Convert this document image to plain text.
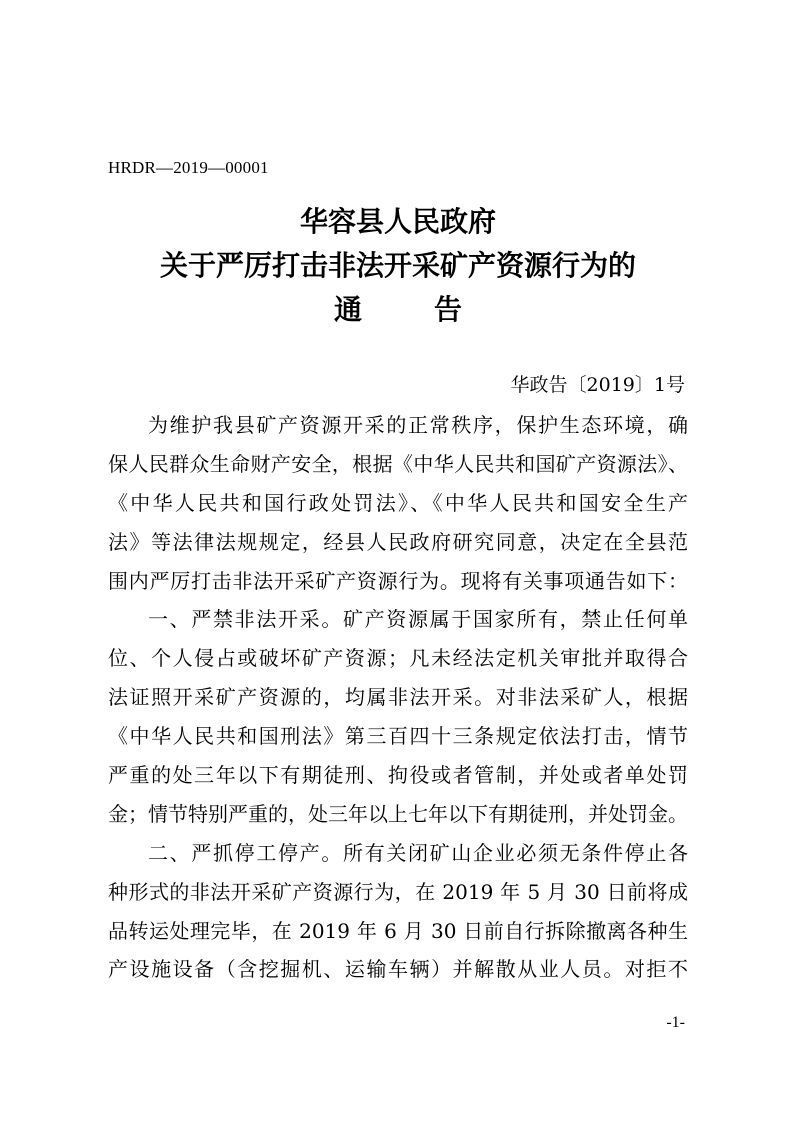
HRDR—2019—00001
华容县人民政府
关于严厉打击非法开采矿产资源行为的
通告
华政告〔2019〕1号
为维护我县矿产资源开采的正常秩序，保护生态环境，确
保人民群众生命财产安全，根据《中华人民共和国矿产资源法》、
《中华人民共和国行政处罚法》、《中华人民共和国安全生产
法》等法律法规规定，经县人民政府研究同意，决定在全县范
围内严厉打击非法开采矿产资源行为。现将有关事项通告如下：
一、严禁非法开采。矿产资源属于国家所有，禁止任何单
位、个人侵占或破坏矿产资源；凡未经法定机关审批并取得合
法证照开采矿产资源的，均属非法开采。对非法采矿人，根据
《中华人民共和国刑法》第三百四十三条规定依法打击，情节
严重的处三年以下有期徒刑、拘役或者管制，并处或者单处罚
金；情节特别严重的，处三年以上七年以下有期徒刑，并处罚金。
二、严抓停工停产。所有关闭矿山企业必须无条件停止各
种形式的非法开采矿产资源行为，在 2019 年 5 月 30 日前将成
品转运处理完毕，在 2019 年 6 月 30 日前自行拆除撤离各种生
产设施设备（含挖掘机、运输车辆）并解散从业人员。对拒不
-1-
